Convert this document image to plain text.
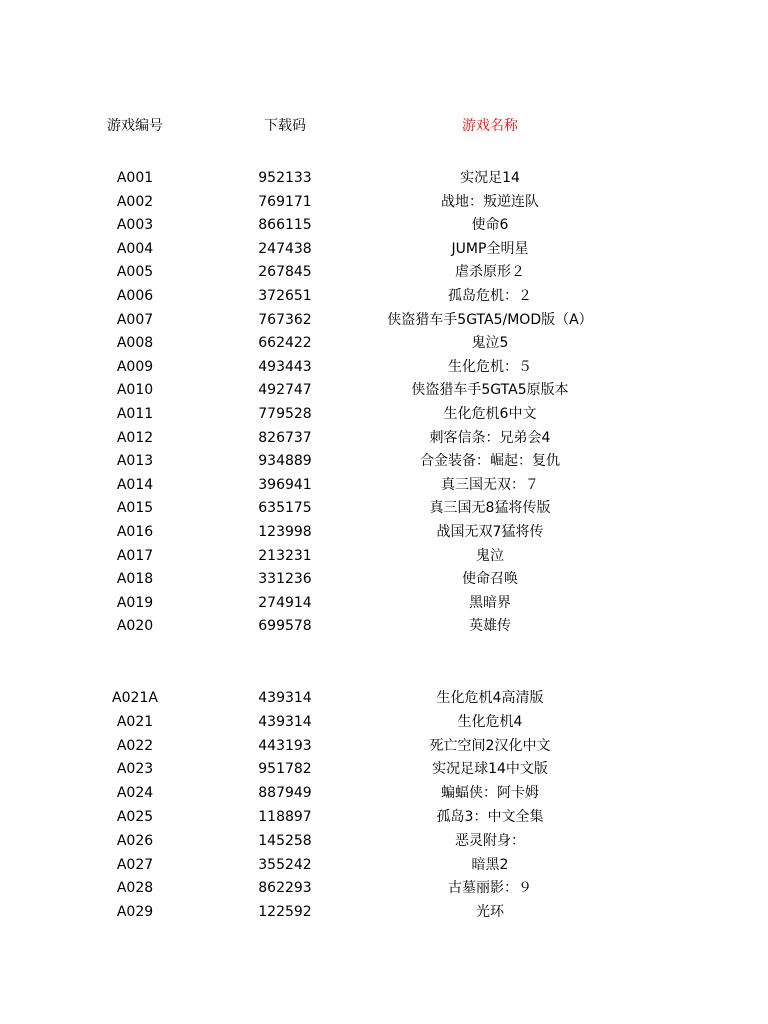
游戏编号	下载码	游戏名称
A001	952133	实况足14
A002	769171	战地：叛逆连队
A003	866115	使命6
A004	247438	JUMP全明星
A005	267845	虐杀原形２
A006	372651	孤岛危机：２
A007	767362	侠盗猎车手5GTA5/MOD版（A）
A008	662422	鬼泣5
A009	493443	生化危机：５
A010	492747	侠盗猎车手5GTA5原版本
A011	779528	生化危机6中文
A012	826737	刺客信条：兄弟会4
A013	934889	合金装备：崛起：复仇
A014	396941	真三国无双：７
A015	635175	真三国无8猛将传版
A016	123998	战国无双7猛将传
A017	213231	鬼泣
A018	331236	使命召唤
A019	274914	黑暗界
A020	699578	英雄传
A021A	439314	生化危机4高清版
A021	439314	生化危机4
A022	443193	死亡空间2汉化中文
A023	951782	实况足球14中文版
A024	887949	蝙蝠侠：阿卡姆
A025	118897	孤岛3：中文全集
A026	145258	恶灵附身：
A027	355242	暗黑2
A028	862293	古墓丽影：９
A029	122592	光环
